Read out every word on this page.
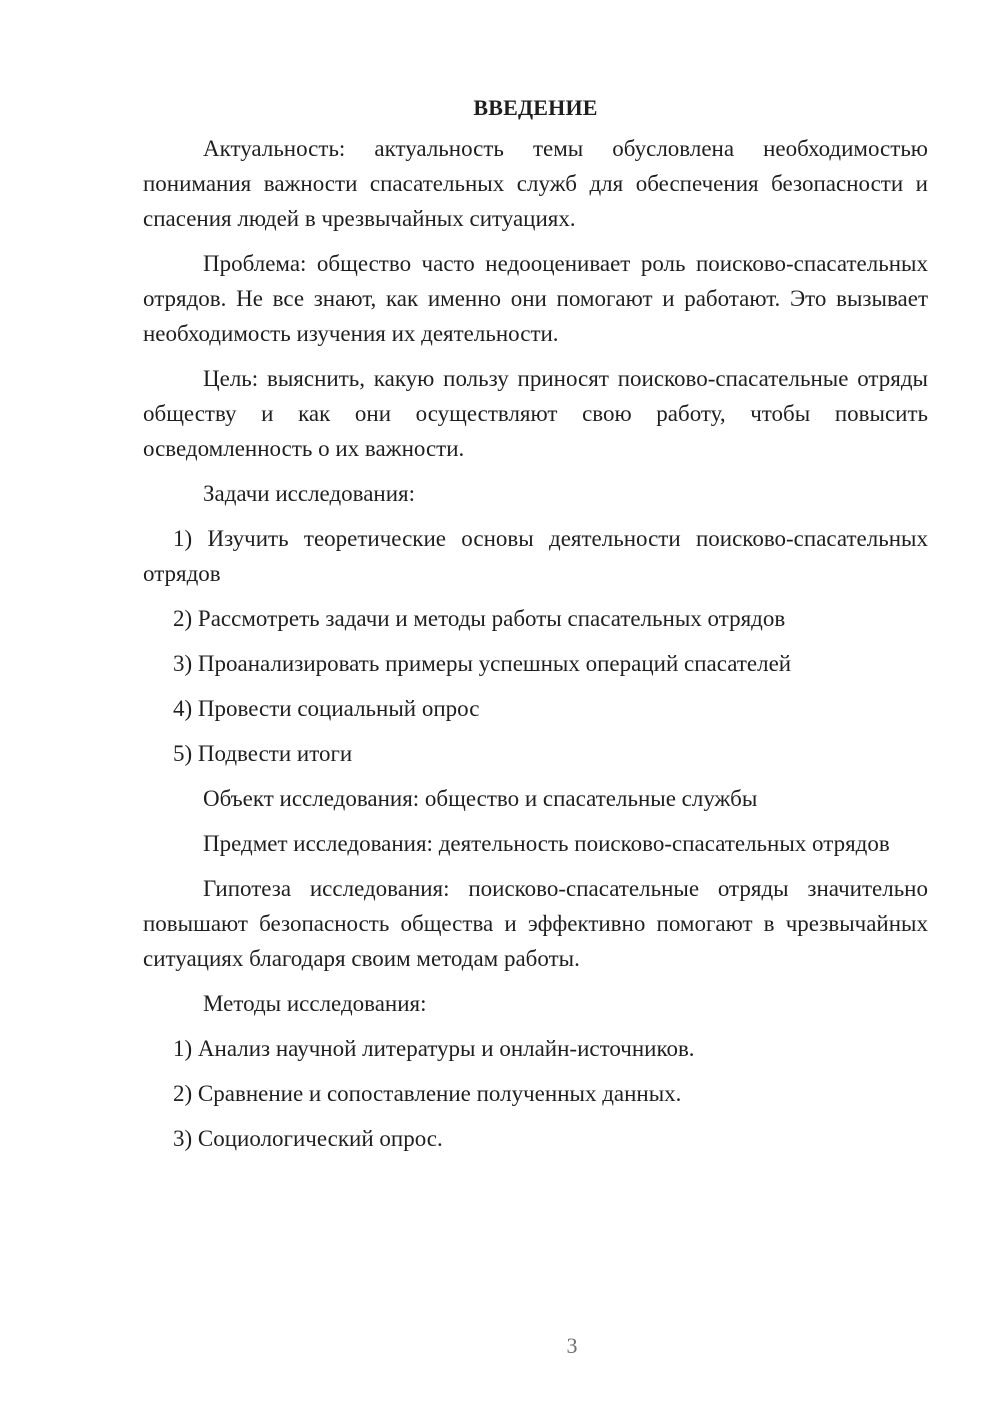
ВВЕДЕНИЕ
Актуальность: актуальность темы обусловлена необходимостью понимания важности спасательных служб для обеспечения безопасности и спасения людей в чрезвычайных ситуациях.
Проблема: общество часто недооценивает роль поисково-спасательных отрядов. Не все знают, как именно они помогают и работают. Это вызывает необходимость изучения их деятельности.
Цель: выяснить, какую пользу приносят поисково-спасательные отряды обществу и как они осуществляют свою работу, чтобы повысить осведомленность о их важности.
Задачи исследования:
1) Изучить теоретические основы деятельности поисково-спасательных отрядов
2) Рассмотреть задачи и методы работы спасательных отрядов
3) Проанализировать примеры успешных операций спасателей
4) Провести социальный опрос
5) Подвести итоги
Объект исследования: общество и спасательные службы
Предмет исследования: деятельность поисково-спасательных отрядов
Гипотеза исследования: поисково-спасательные отряды значительно повышают безопасность общества и эффективно помогают в чрезвычайных ситуациях благодаря своим методам работы.
Методы исследования:
1) Анализ научной литературы и онлайн-источников.
2) Сравнение и сопоставление полученных данных.
3) Социологический опрос.
3
